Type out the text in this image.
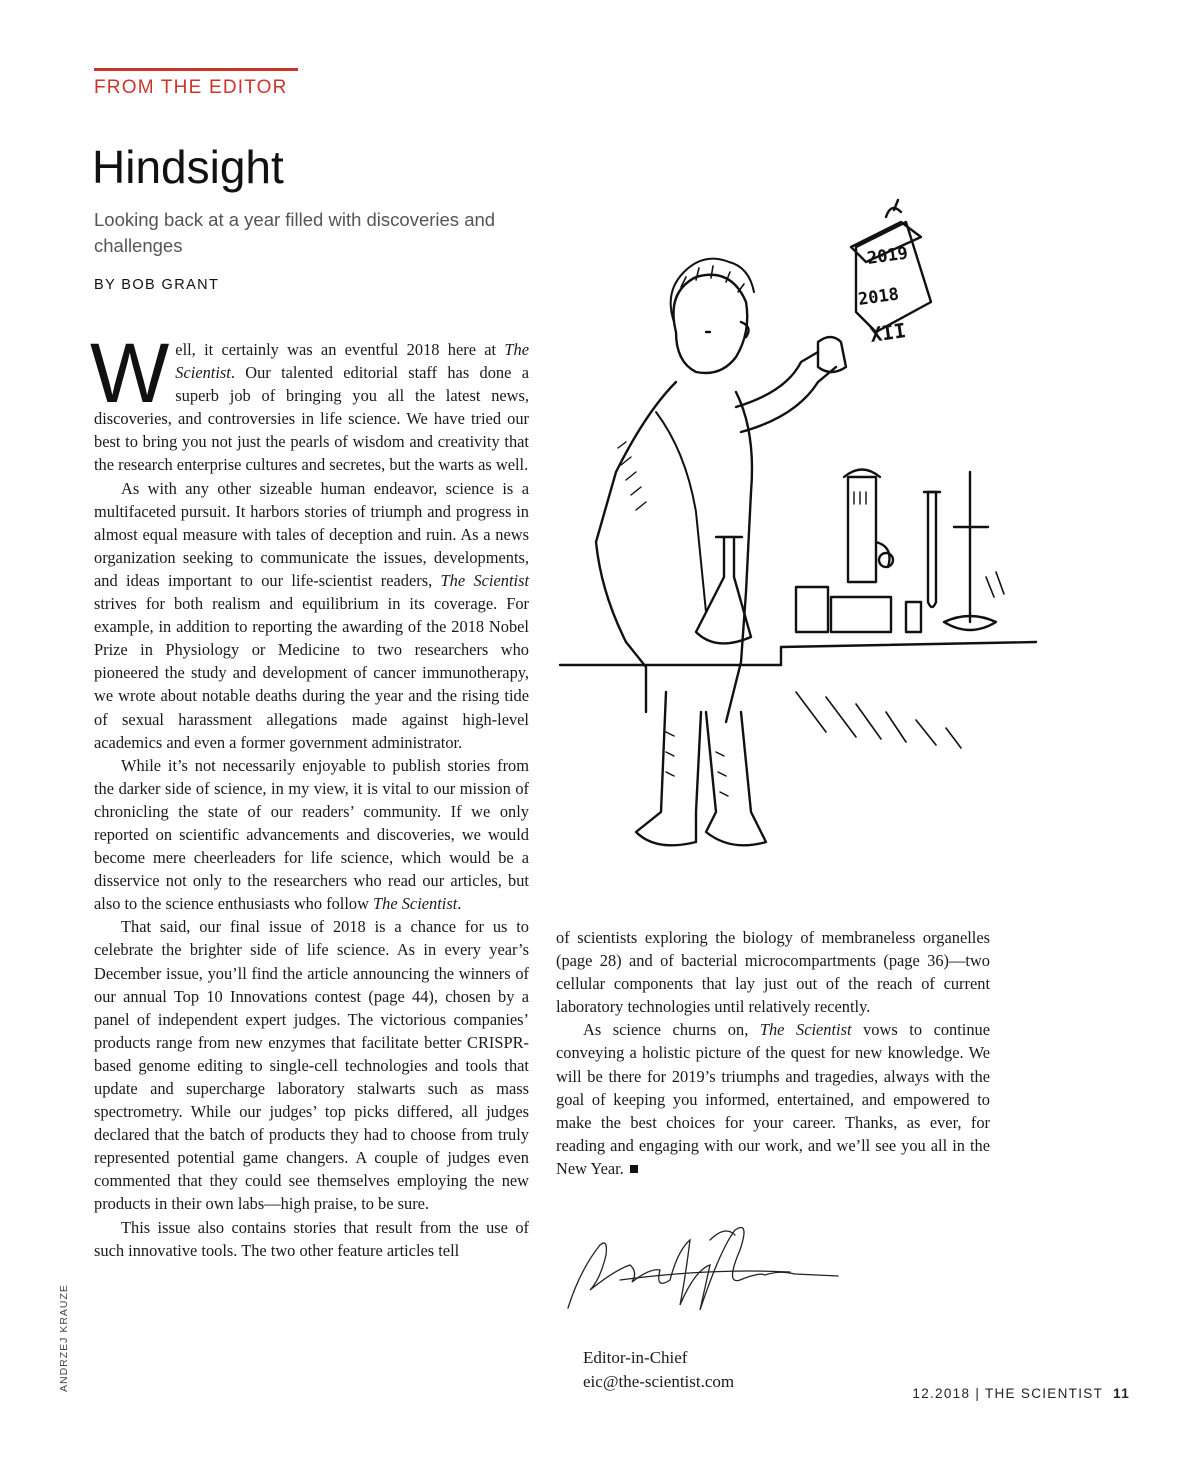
FROM THE EDITOR
Hindsight
Looking back at a year filled with discoveries and challenges
BY BOB GRANT

Well, it certainly was an eventful 2018 here at The Scientist. Our talented editorial staff has done a superb job of bringing you all the latest news, discoveries, and controversies in life science. We have tried our best to bring you not just the pearls of wisdom and creativity that the research enterprise cultures and secretes, but the warts as well.

As with any other sizeable human endeavor, science is a multifaceted pursuit. It harbors stories of triumph and progress in almost equal measure with tales of deception and ruin. As a news organization seeking to communicate the issues, developments, and ideas important to our life-scientist readers, The Scientist strives for both realism and equilibrium in its coverage. For example, in addition to reporting the awarding of the 2018 Nobel Prize in Physiology or Medicine to two researchers who pioneered the study and development of cancer immunotherapy, we wrote about notable deaths during the year and the rising tide of sexual harassment allegations made against high-level academics and even a former government administrator.

While it’s not necessarily enjoyable to publish stories from the darker side of science, in my view, it is vital to our mission of chronicling the state of our readers’ community. If we only reported on scientific advancements and discoveries, we would become mere cheerleaders for life science, which would be a disservice not only to the researchers who read our articles, but also to the science enthusiasts who follow The Scientist.

That said, our final issue of 2018 is a chance for us to celebrate the brighter side of life science. As in every year’s December issue, you’ll find the article announcing the winners of our annual Top 10 Innovations contest (page 44), chosen by a panel of independent expert judges. The victorious companies’ products range from new enzymes that facilitate better CRISPR-based genome editing to single-cell technologies and tools that update and supercharge laboratory stalwarts such as mass spectrometry. While our judges’ top picks differed, all judges declared that the batch of products they had to choose from truly represented potential game changers. A couple of judges even commented that they could see themselves employing the new products in their own labs—high praise, to be sure.

This issue also contains stories that result from the use of such innovative tools. The two other feature articles tell

2019
2018
XII

of scientists exploring the biology of membraneless organelles (page 28) and of bacterial microcompartments (page 36)—two cellular components that lay just out of the reach of current laboratory technologies until relatively recently.

As science churns on, The Scientist vows to continue conveying a holistic picture of the quest for new knowledge. We will be there for 2019’s triumphs and tragedies, always with the goal of keeping you informed, entertained, and empowered to make the best choices for your career. Thanks, as ever, for reading and engaging with our work, and we’ll see you all in the New Year.

Editor-in-Chief
eic@the-scientist.com
ANDRZEJ KRAUZE
12.2018 | THE SCIENTIST 11
